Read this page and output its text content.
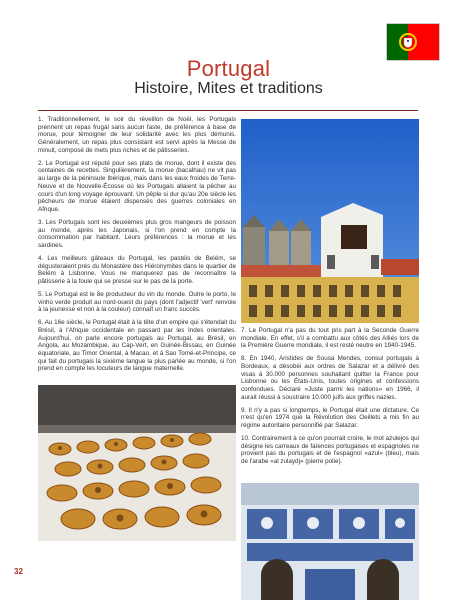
Portugal
Histoire, Mites et traditions

1. Traditionnellement, le soir du réveillon de Noël, les Portugais prennent un repas frugal sans aucun faste, de préférence à base de morue, pour témoigner de leur solidarité avec les plus démunis. Généralement, un repas plus consistant est servi après la Messe de minuit, composé de mets plus riches et de pâtisseries.

2. Le Portugal est réputé pour ses plats de morue, dont il existe des centaines de recettes. Singulièrement, la morue (bacalhau) ne vit pas au large de la péninsule Ibérique, mais dans les eaux froides de Terre-Neuve et de Nouvelle-Écosse où les Portugais allaient la pêcher au cours d'un long voyage éprouvant. Un pêple si dur qu'au 20e siècle les pêcheurs de morue étaient dispensés des guerres coloniales en Afrique.

3. Les Portugais sont les deuxièmes plus gros mangeurs de poisson au monde, après les Japonais, si l'on prend en compte la consommation par habitant. Leurs préférences : la morue et les sardines.

4. Les meilleurs gâteaux du Portugal, les pastéis de Belém, se dégusteraient près du Monastère des Hiéronymites dans le quartier de Belém à Lisbonne. Vous ne manquerez pas de reconnaître la pâtisserie à la foule qui se presse sur le pas de la porte.

5. Le Portugal est le 8e producteur du vin du monde. Outre le porto, le vinho verde produit au nord-ouest du pays (dont l'adjectif 'vert' renvoie à la jeunesse et non à la couleur) connaît un franc succès.

6. Au 16e siècle, le Portugal était à la tête d'un empire qui s'étendait du Brésil, à l'Afrique occidentale en passant par les Indes orientales. Aujourd'hui, on parle encore portugais au Portugal, au Brésil, en Angola, au Mozambique, au Cap-Vert, en Guinée-Bissau, en Guinée équatoriale, au Timor Oriental, à Macao, et à Sao Tomé-et-Principe, ce qui fait du portugais la sixième langue la plus parlée au monde, si l'on prend en compte les locuteurs de langue maternelle.

7. Le Portugal n'a pas du tout pris part à la Seconde Guerre mondiale. En effet, s'il a combattu aux côtés des Alliés lors de la Première Guerre mondiale, il est resté neutre en 1940-1945.

8. En 1940, Aristides de Sousa Mendes, consul portugais à Bordeaux, a désobéi aux ordres de Salazar et a délivré des visas à 30.000 personnes souhaitant quitter la France pour Lisbonne ou les États-Unis, toutes origines et confessions confondues. Déclaré «Juste parmi les nations» en 1966, il aurait réussi à soustraire 10.000 juifs aux griffes nazies.

9. Il n'y a pas si longtemps, le Portugal était une dictature. Ce n'est qu'en 1974 que la Révolution des Oeillets a mis fin au régime autoritaire personnifié par Salazar.

10. Contrairement à ce qu'on pourrait croire, le mot azulejos qui désigne les carreaux de faïences portugaises et espagnoles ne provient pas du portugais et de l'espagnol «azul» (bleu), mais de l'arabe «al zulaydj» (pierre polie).

32
